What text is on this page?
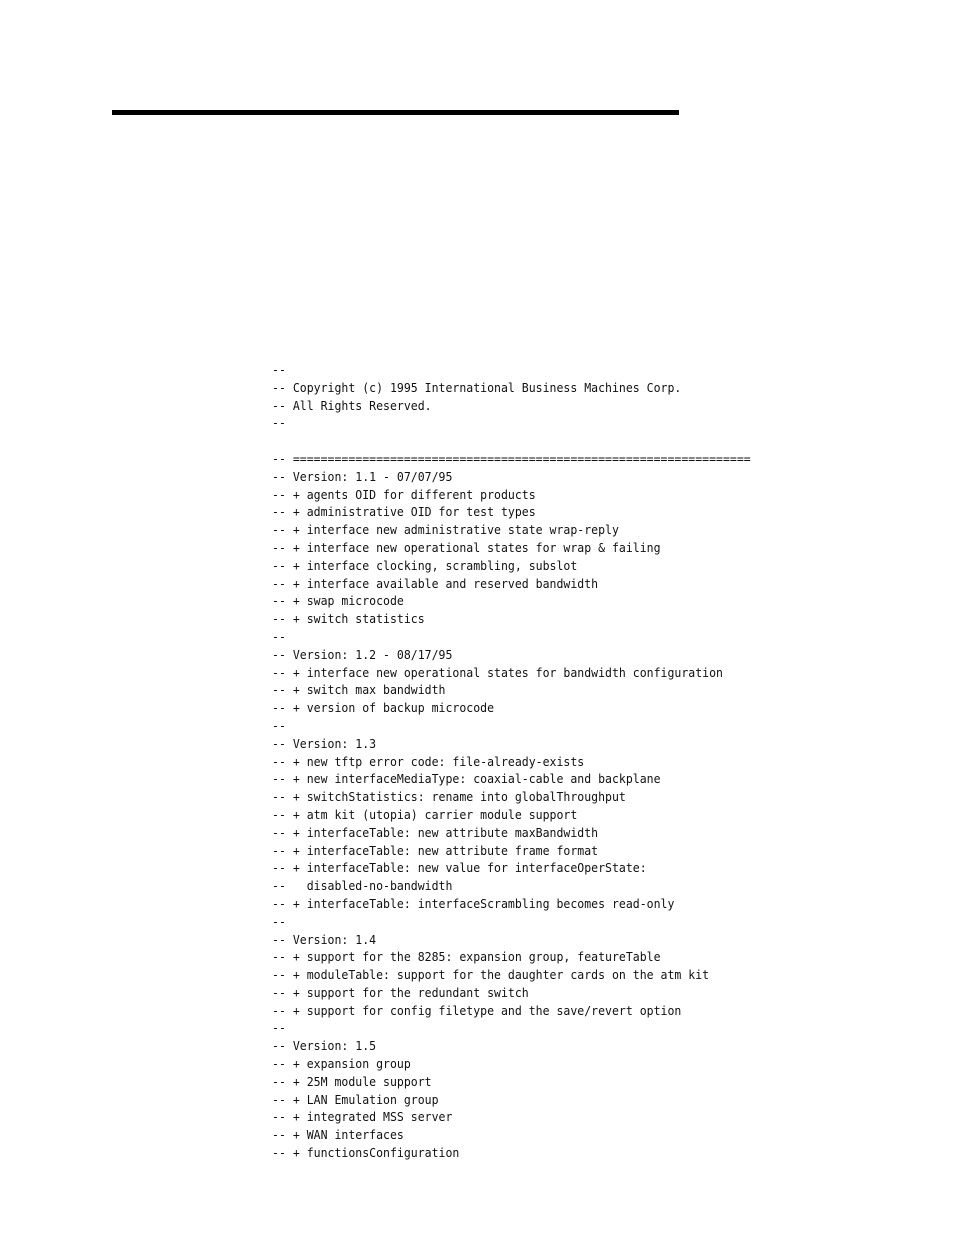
--
-- Copyright (c) 1995 International Business Machines Corp.
-- All Rights Reserved.
--
-- ==================================================================
-- Version: 1.1 - 07/07/95
-- + agents OID for different products
-- + administrative OID for test types
-- + interface new administrative state wrap-reply
-- + interface new operational states for wrap & failing
-- + interface clocking, scrambling, subslot
-- + interface available and reserved bandwidth
-- + swap microcode
-- + switch statistics
--
-- Version: 1.2 - 08/17/95
-- + interface new operational states for bandwidth configuration
-- + switch max bandwidth
-- + version of backup microcode
--
-- Version: 1.3
-- + new tftp error code: file-already-exists
-- + new interfaceMediaType: coaxial-cable and backplane
-- + switchStatistics: rename into globalThroughput
-- + atm kit (utopia) carrier module support
-- + interfaceTable: new attribute maxBandwidth
-- + interfaceTable: new attribute frame format
-- + interfaceTable: new value for interfaceOperState:
--   disabled-no-bandwidth
-- + interfaceTable: interfaceScrambling becomes read-only
--
-- Version: 1.4
-- + support for the 8285: expansion group, featureTable
-- + moduleTable: support for the daughter cards on the atm kit
-- + support for the redundant switch
-- + support for config filetype and the save/revert option
--
-- Version: 1.5
-- + expansion group
-- + 25M module support
-- + LAN Emulation group
-- + integrated MSS server
-- + WAN interfaces
-- + functionsConfiguration
